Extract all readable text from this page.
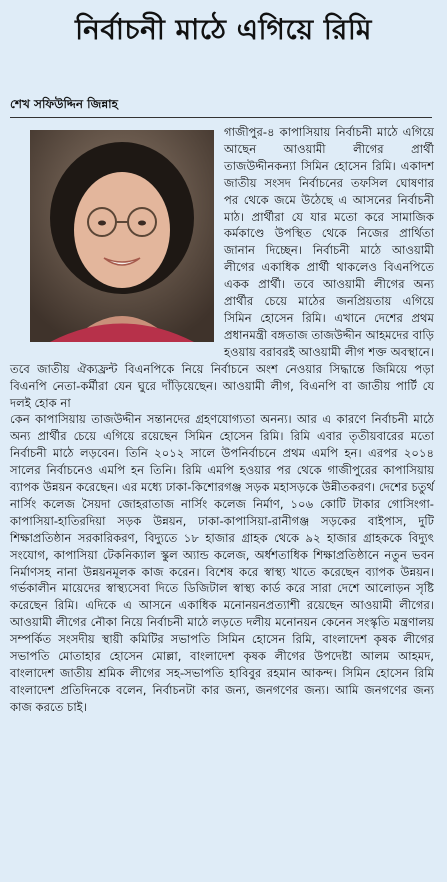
নির্বাচনী মাঠে এগিয়ে রিমি
শেখ সফিউদ্দিন জিন্নাহ

গাজীপুর-৪ কাপাসিয়ায় নির্বাচনী মাঠে এগিয়ে আছেন আওয়ামী লীগের প্রার্থী তাজউদ্দীনকন্যা সিমিন হোসেন রিমি। একাদশ জাতীয় সংসদ নির্বাচনের তফসিল ঘোষণার পর থেকে জমে উঠেছে এ আসনের নির্বাচনী মাঠ। প্রার্থীরা যে যার মতো করে সামাজিক কর্মকাণ্ডে উপস্থিত থেকে নিজের প্রার্থিতা জানান দিচ্ছেন। নির্বাচনী মাঠে আওয়ামী লীগের একাধিক প্রার্থী থাকলেও বিএনপিতে একক প্রার্থী। তবে আওয়ামী লীগের অন্য প্রার্থীর চেয়ে মাঠের জনপ্রিয়তায় এগিয়ে সিমিন হোসেন রিমি। এখানে দেশের প্রথম প্রধানমন্ত্রী বঙ্গতাজ তাজউদ্দীন আহমদের বাড়ি হওয়ায় বরাবরই আওয়ামী লীগ শক্ত অবস্থানে। তবে জাতীয় ঐক্যফ্রন্ট বিএনপিকে নিয়ে নির্বাচনে অংশ নেওয়ার সিদ্ধান্তে জিমিয়ে পড়া বিএনপি নেতা-কর্মীরা যেন ঘুরে দাঁড়িয়েছেন। আওয়ামী লীগ, বিএনপি বা জাতীয় পার্টি যে দলই হোক না

কেন কাপাসিয়ায় তাজউদ্দীন সন্তানদের গ্রহণযোগ্যতা অনন্য। আর এ কারণে নির্বাচনী মাঠে অন্য প্রার্থীর চেয়ে এগিয়ে রয়েছেন সিমিন হোসেন রিমি। রিমি এবার তৃতীয়বারের মতো নির্বাচনী মাঠে লড়বেন। তিনি ২০১২ সালে উপনির্বাচনে প্রথম এমপি হন। এরপর ২০১৪ সালের নির্বাচনেও এমপি হন তিনি। রিমি এমপি হওয়ার পর থেকে গাজীপুরের কাপাসিয়ায় ব্যাপক উন্নয়ন করেছেন। এর মধ্যে ঢাকা-কিশোরগঞ্জ সড়ক মহাসড়কে উন্নীতকরণ। দেশের চতুর্থ নার্সিং কলেজ সৈয়দা জোহরাতাজ নার্সিং কলেজ নির্মাণ, ১০৬ কোটি টাকার গোসিংগা-কাপাসিয়া-হাতিরদিয়া সড়ক উন্নয়ন, ঢাকা-কাপাসিয়া-রানীগঞ্জ সড়কের বাইপাস, দুটি শিক্ষাপ্রতিষ্ঠান সরকারিকরণ, বিদ্যুতে ১৮ হাজার গ্রাহক থেকে ৯২ হাজার গ্রাহককে বিদ্যুৎ সংযোগ, কাপাসিয়া টেকনিক্যাল স্কুল অ্যান্ড কলেজ, অর্ধশতাধিক শিক্ষাপ্রতিষ্ঠানে নতুন ভবন নির্মাণসহ নানা উন্নয়নমূলক কাজ করেন। বিশেষ করে স্বাস্থ্য খাতে করেছেন ব্যাপক উন্নয়ন। গর্ভকালীন মায়েদের স্বাস্থ্যসেবা দিতে ডিজিটাল স্বাস্থ্য কার্ড করে সারা দেশে আলোড়ন সৃষ্টি করেছেন রিমি। এদিকে এ আসনে একাধিক মনোনয়নপ্রত্যাশী রয়েছেন আওয়ামী লীগের। আওয়ামী লীগের নৌকা নিয়ে নির্বাচনী মাঠে লড়তে দলীয় মনোনয়ন কেনেন সংস্কৃতি মন্ত্রণালয় সম্পর্কিত সংসদীয় স্থায়ী কমিটির সভাপতি সিমিন হোসেন রিমি, বাংলাদেশ কৃষক লীগের সভাপতি মোতাহার হোসেন মোল্লা, বাংলাদেশ কৃষক লীগের উপদেষ্টা আলম আহমদ, বাংলাদেশ জাতীয় শ্রমিক লীগের সহ-সভাপতি হাবিবুর রহমান আকন্দ। সিমিন হোসেন রিমি বাংলাদেশ প্রতিদিনকে বলেন, নির্বাচনটা কার জন্য, জনগণের জন্য। আমি জনগণের জন্য কাজ করতে চাই।
